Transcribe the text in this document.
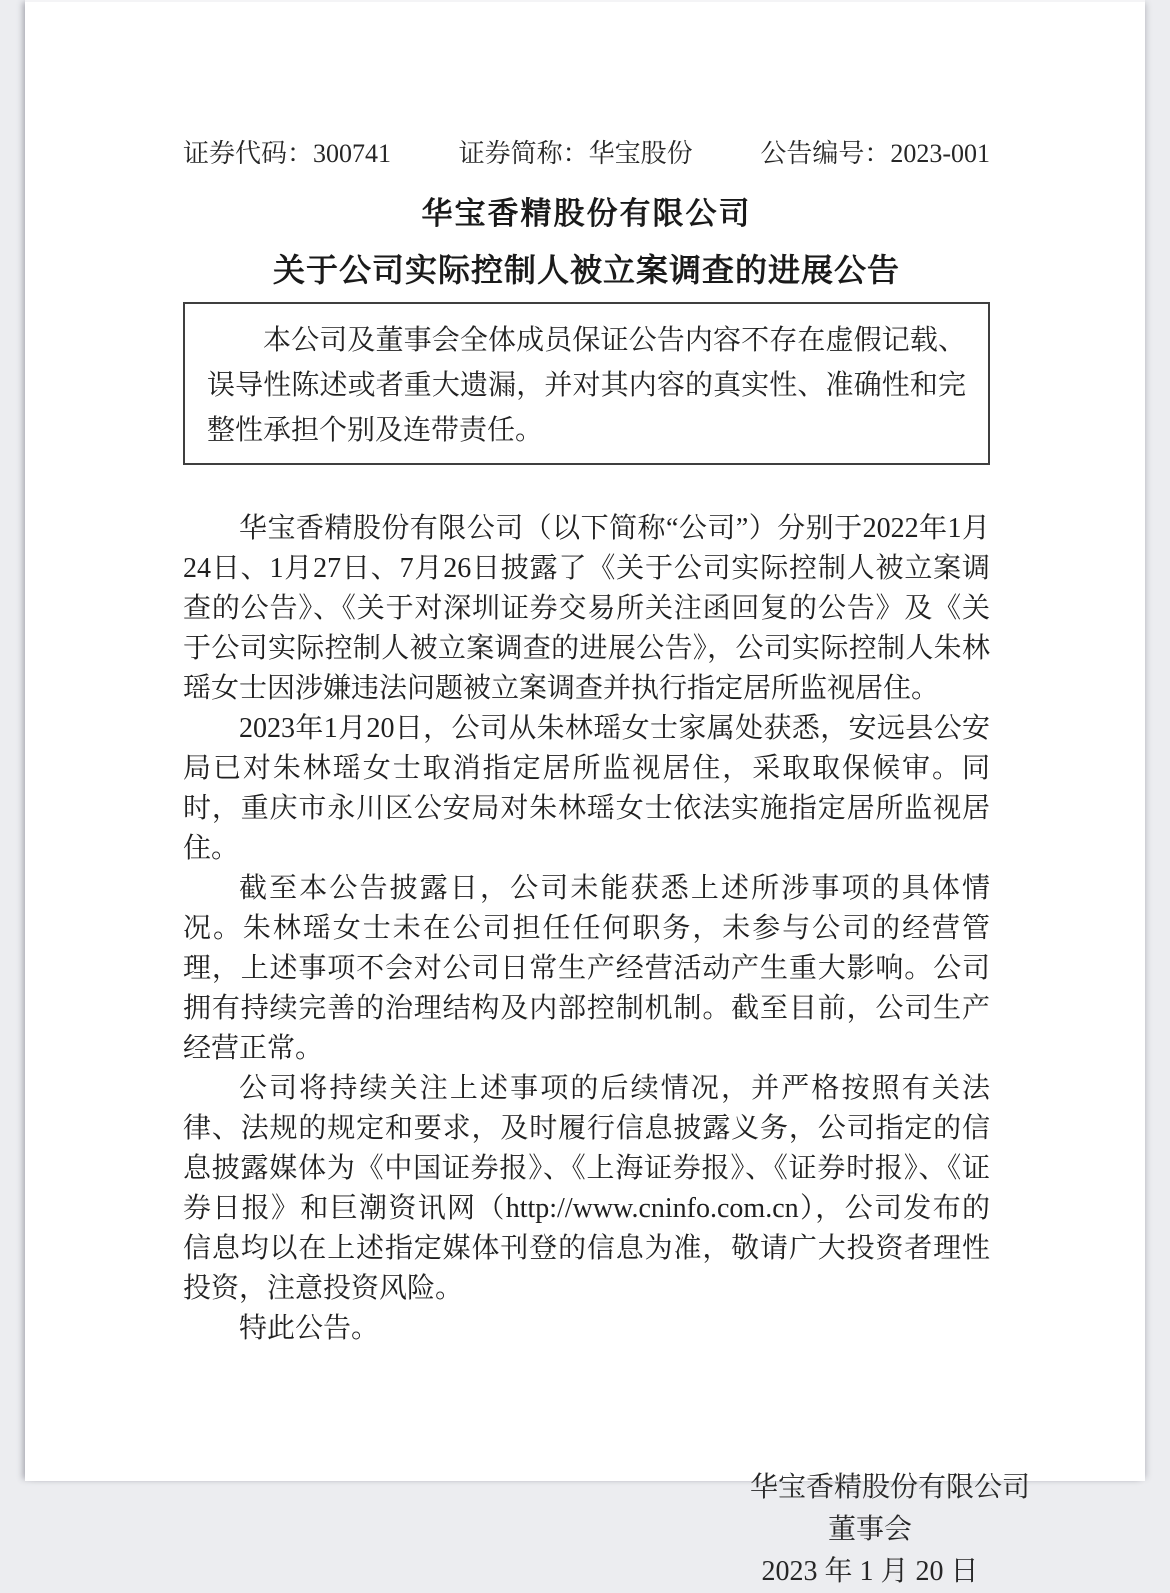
证券代码：300741	证券简称：华宝股份	公告编号：2023-001
华宝香精股份有限公司
关于公司实际控制人被立案调查的进展公告

本公司及董事会全体成员保证公告内容不存在虚假记载、误导性陈述或者重大遗漏，并对其内容的真实性、准确性和完整性承担个别及连带责任。

华宝香精股份有限公司（以下简称“公司”）分别于2022年1月24日、1月27日、7月26日披露了《关于公司实际控制人被立案调查的公告》、《关于对深圳证券交易所关注函回复的公告》及《关于公司实际控制人被立案调查的进展公告》，公司实际控制人朱林瑶女士因涉嫌违法问题被立案调查并执行指定居所监视居住。

2023年1月20日，公司从朱林瑶女士家属处获悉，安远县公安局已对朱林瑶女士取消指定居所监视居住，采取取保候审。同时，重庆市永川区公安局对朱林瑶女士依法实施指定居所监视居住。

截至本公告披露日，公司未能获悉上述所涉事项的具体情况。朱林瑶女士未在公司担任任何职务，未参与公司的经营管理，上述事项不会对公司日常生产经营活动产生重大影响。公司拥有持续完善的治理结构及内部控制机制。截至目前，公司生产经营正常。

公司将持续关注上述事项的后续情况，并严格按照有关法律、法规的规定和要求，及时履行信息披露义务，公司指定的信息披露媒体为《中国证券报》、《上海证券报》、《证券时报》、《证券日报》和巨潮资讯网（http://www.cninfo.com.cn），公司发布的信息均以在上述指定媒体刊登的信息为准，敬请广大投资者理性投资，注意投资风险。

特此公告。

华宝香精股份有限公司
董事会
2023 年 1 月 20 日
